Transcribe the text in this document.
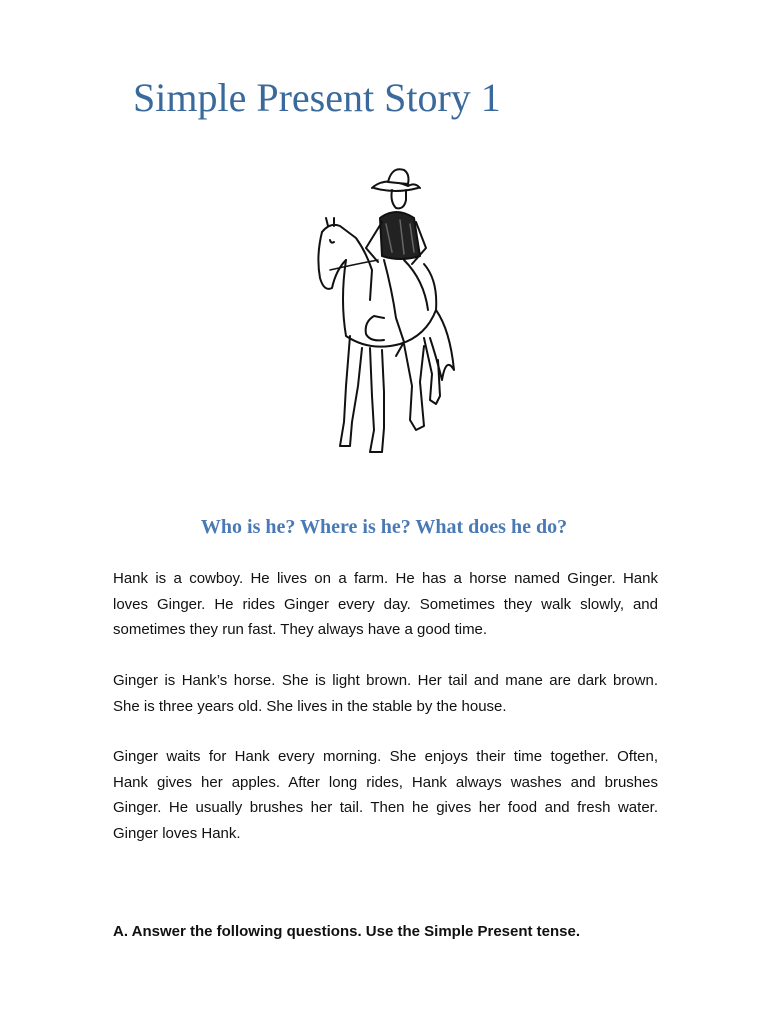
Simple Present Story 1
Who is he? Where is he? What does he do?
Hank is a cowboy. He lives on a farm. He has a horse named Ginger. Hank
loves Ginger. He rides Ginger every day. Sometimes they walk slowly, and
sometimes they run fast. They always have a good time.
Ginger is Hank’s horse. She is light brown. Her tail and mane are dark brown.
She is three years old. She lives in the stable by the house.
Ginger waits for Hank every morning. She enjoys their time together. Often,
Hank gives her apples. After long rides, Hank always washes and brushes
Ginger. He usually brushes her tail. Then he gives her food and fresh water.
Ginger loves Hank.
A. Answer the following questions. Use the Simple Present tense.
